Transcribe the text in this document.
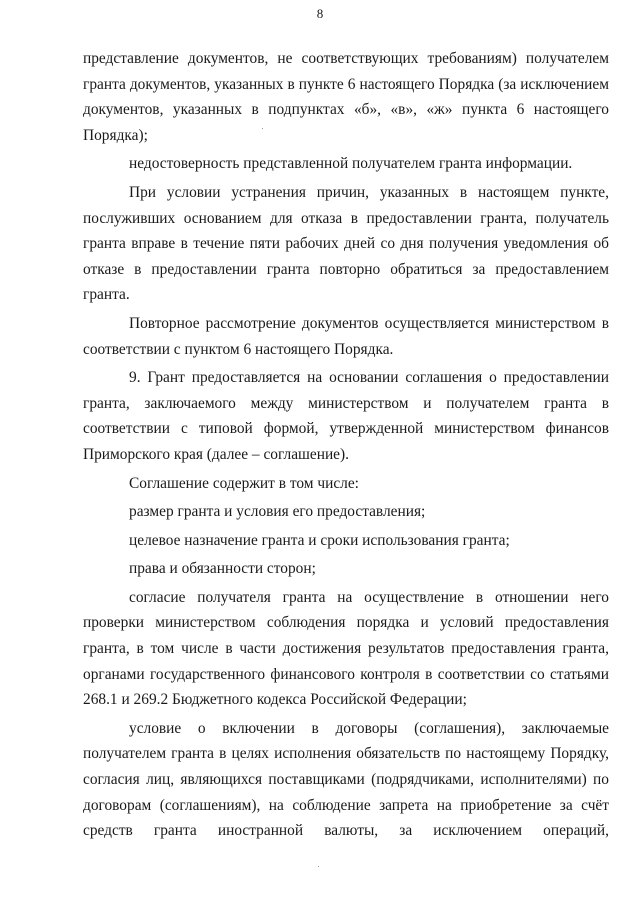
8

представление документов, не соответствующих требованиям) получателем гранта документов, указанных в пункте 6 настоящего Порядка (за исключением документов, указанных в подпунктах «б», «в», «ж» пункта 6 настоящего Порядка);

недостоверность представленной получателем гранта информации.

При условии устранения причин, указанных в настоящем пункте, послуживших основанием для отказа в предоставлении гранта, получатель гранта вправе в течение пяти рабочих дней со дня получения уведомления об отказе в предоставлении гранта повторно обратиться за предоставлением гранта.

Повторное рассмотрение документов осуществляется министерством в соответствии с пунктом 6 настоящего Порядка.

9. Грант предоставляется на основании соглашения о предоставлении гранта, заключаемого между министерством и получателем гранта в соответствии с типовой формой, утвержденной министерством финансов Приморского края (далее – соглашение).

Соглашение содержит в том числе:

размер гранта и условия его предоставления;

целевое назначение гранта и сроки использования гранта;

права и обязанности сторон;

согласие получателя гранта на осуществление в отношении него проверки министерством соблюдения порядка и условий предоставления гранта, в том числе в части достижения результатов предоставления гранта, органами государственного финансового контроля в соответствии со статьями 268.1 и 269.2 Бюджетного кодекса Российской Федерации;

условие о включении в договоры (соглашения), заключаемые получателем гранта в целях исполнения обязательств по настоящему Порядку, согласия лиц, являющихся поставщиками (подрядчиками, исполнителями) по договорам (соглашениям), на соблюдение запрета на приобретение за счёт средств гранта иностранной валюты, за исключением операций,
